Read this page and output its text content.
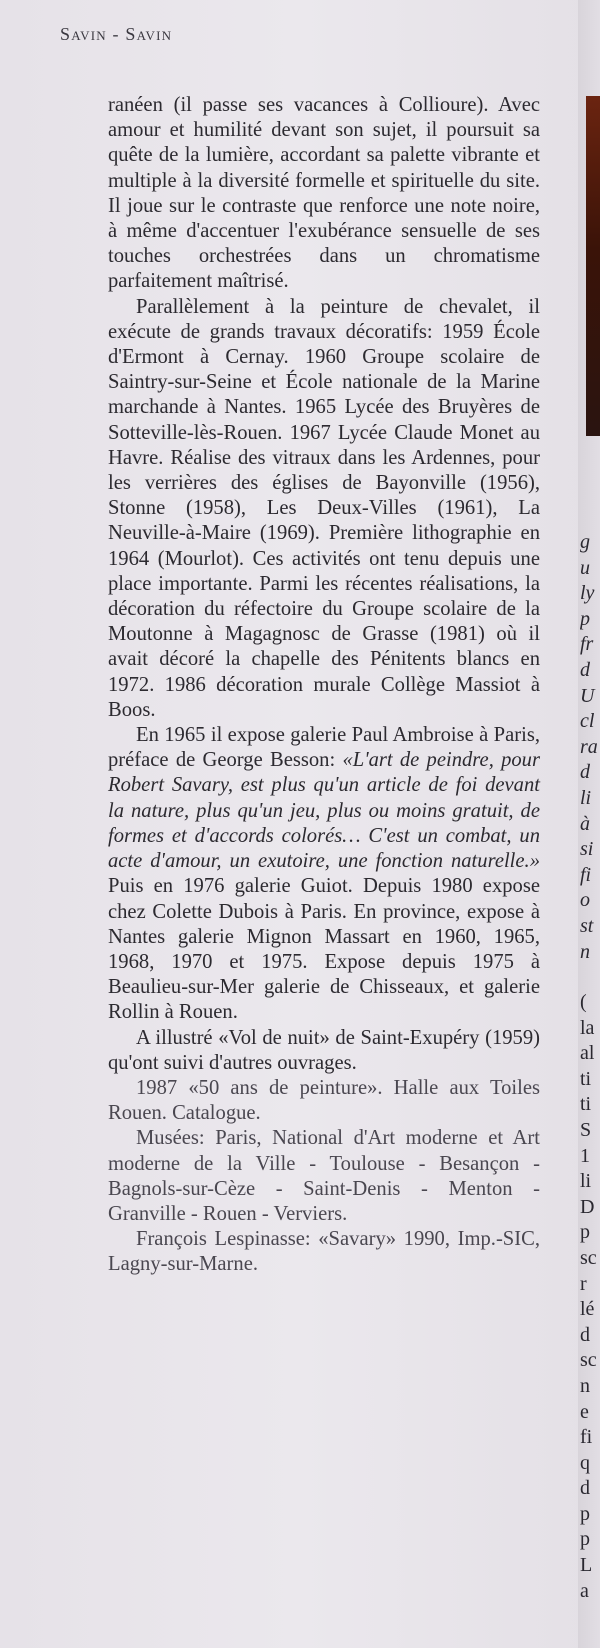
Savin - Savin

ranéen (il passe ses vacances à Collioure). Avec amour et humilité devant son sujet, il poursuit sa quête de la lumière, accordant sa palette vibrante et multiple à la diversité formelle et spirituelle du site. Il joue sur le contraste que renforce une note noire, à même d'accentuer l'exubérance sensuelle de ses touches orchestrées dans un chromatisme parfaitement maîtrisé.

Parallèlement à la peinture de chevalet, il exécute de grands travaux décoratifs: 1959 École d'Ermont à Cernay. 1960 Groupe scolaire de Saintry-sur-Seine et École nationale de la Marine marchande à Nantes. 1965 Lycée des Bruyères de Sotteville-lès-Rouen. 1967 Lycée Claude Monet au Havre. Réalise des vitraux dans les Ardennes, pour les verrières des églises de Bayonville (1956), Stonne (1958), Les Deux-Villes (1961), La Neuville-à-Maire (1969). Première lithographie en 1964 (Mourlot). Ces activités ont tenu depuis une place importante. Parmi les récentes réalisations, la décoration du réfectoire du Groupe scolaire de la Moutonne à Magagnosc de Grasse (1981) où il avait décoré la chapelle des Pénitents blancs en 1972. 1986 décoration murale Collège Massiot à Boos.

En 1965 il expose galerie Paul Ambroise à Paris, préface de George Besson: «L'art de peindre, pour Robert Savary, est plus qu'un article de foi devant la nature, plus qu'un jeu, plus ou moins gratuit, de formes et d'accords colorés… C'est un combat, un acte d'amour, un exutoire, une fonction naturelle.» Puis en 1976 galerie Guiot. Depuis 1980 expose chez Colette Dubois à Paris. En province, expose à Nantes galerie Mignon Massart en 1960, 1965, 1968, 1970 et 1975. Expose depuis 1975 à Beaulieu-sur-Mer galerie de Chisseaux, et galerie Rollin à Rouen.

A illustré «Vol de nuit» de Saint-Exupéry (1959) qu'ont suivi d'autres ouvrages.

1987 «50 ans de peinture». Halle aux Toiles Rouen. Catalogue.

Musées: Paris, National d'Art moderne et Art moderne de la Ville - Toulouse - Besançon - Bagnols-sur-Cèze - Saint-Denis - Menton - Granville - Rouen - Verviers.

François Lespinasse: «Savary» 1990, Imp.-SIC, Lagny-sur-Marne.

g
u
ly
p
fr
d
U
cl
ra
d
li
à
si
fi
o
st
n
(
la
al
ti
ti
S
1
li
D
p
sc
r
lé
d
sc
n
e
fi
q
d
p
p
L
a
